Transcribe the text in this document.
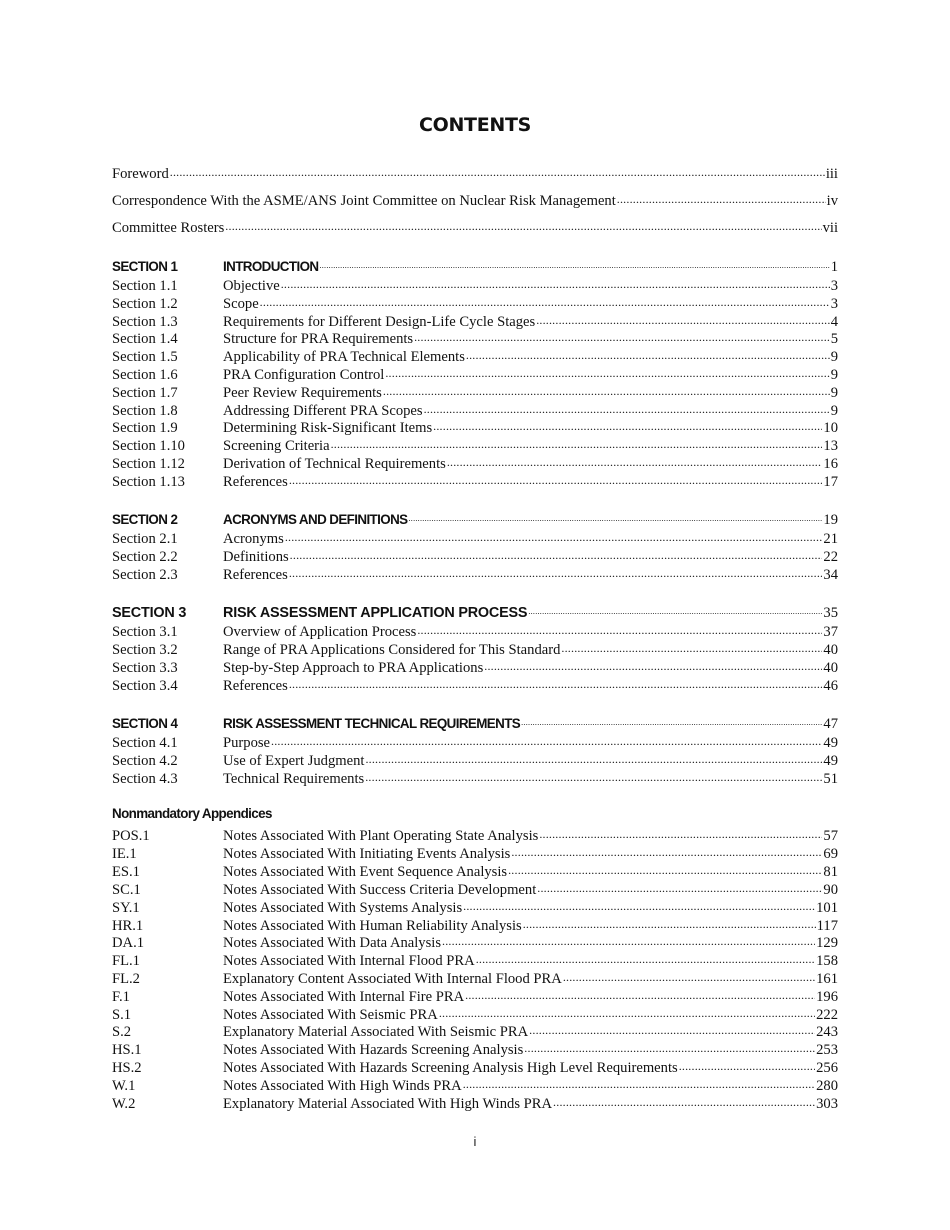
CONTENTS
Foreword .....	iii
Correspondence With the ASME/ANS Joint Committee on Nuclear Risk Management .....	iv
Committee Rosters .....	vii
SECTION 1	INTRODUCTION .....	1
Section 1.1	Objective .....	3
Section 1.2	Scope .....	3
Section 1.3	Requirements for Different Design-Life Cycle Stages .....	4
Section 1.4	Structure for PRA Requirements .....	5
Section 1.5	Applicability of PRA Technical Elements .....	9
Section 1.6	PRA Configuration Control .....	9
Section 1.7	Peer Review Requirements .....	9
Section 1.8	Addressing Different PRA Scopes .....	9
Section 1.9	Determining Risk-Significant Items .....	10
Section 1.10	Screening Criteria .....	13
Section 1.12	Derivation of Technical Requirements .....	16
Section 1.13	References .....	17
SECTION 2	ACRONYMS AND DEFINITIONS .....	19
Section 2.1	Acronyms .....	21
Section 2.2	Definitions .....	22
Section 2.3	References .....	34
SECTION 3	RISK ASSESSMENT APPLICATION PROCESS .....	35
Section 3.1	Overview of Application Process .....	37
Section 3.2	Range of PRA Applications Considered for This Standard .....	40
Section 3.3	Step-by-Step Approach to PRA Applications .....	40
Section 3.4	References .....	46
SECTION 4	RISK ASSESSMENT TECHNICAL REQUIREMENTS .....	47
Section 4.1	Purpose .....	49
Section 4.2	Use of Expert Judgment .....	49
Section 4.3	Technical Requirements .....	51
Nonmandatory Appendices
POS.1	Notes Associated With Plant Operating State Analysis .....	57
IE.1	Notes Associated With Initiating Events Analysis .....	69
ES.1	Notes Associated With Event Sequence Analysis .....	81
SC.1	Notes Associated With Success Criteria Development .....	90
SY.1	Notes Associated With Systems Analysis .....	101
HR.1	Notes Associated With Human Reliability Analysis .....	117
DA.1	Notes Associated With Data Analysis .....	129
FL.1	Notes Associated With Internal Flood PRA .....	158
FL.2	Explanatory Content Associated With Internal Flood PRA .....	161
F.1	Notes Associated With Internal Fire PRA .....	196
S.1	Notes Associated With Seismic PRA .....	222
S.2	Explanatory Material Associated With Seismic PRA .....	243
HS.1	Notes Associated With Hazards Screening Analysis .....	253
HS.2	Notes Associated With Hazards Screening Analysis High Level Requirements .....	256
W.1	Notes Associated With High Winds PRA .....	280
W.2	Explanatory Material Associated With High Winds PRA .....	303
i
